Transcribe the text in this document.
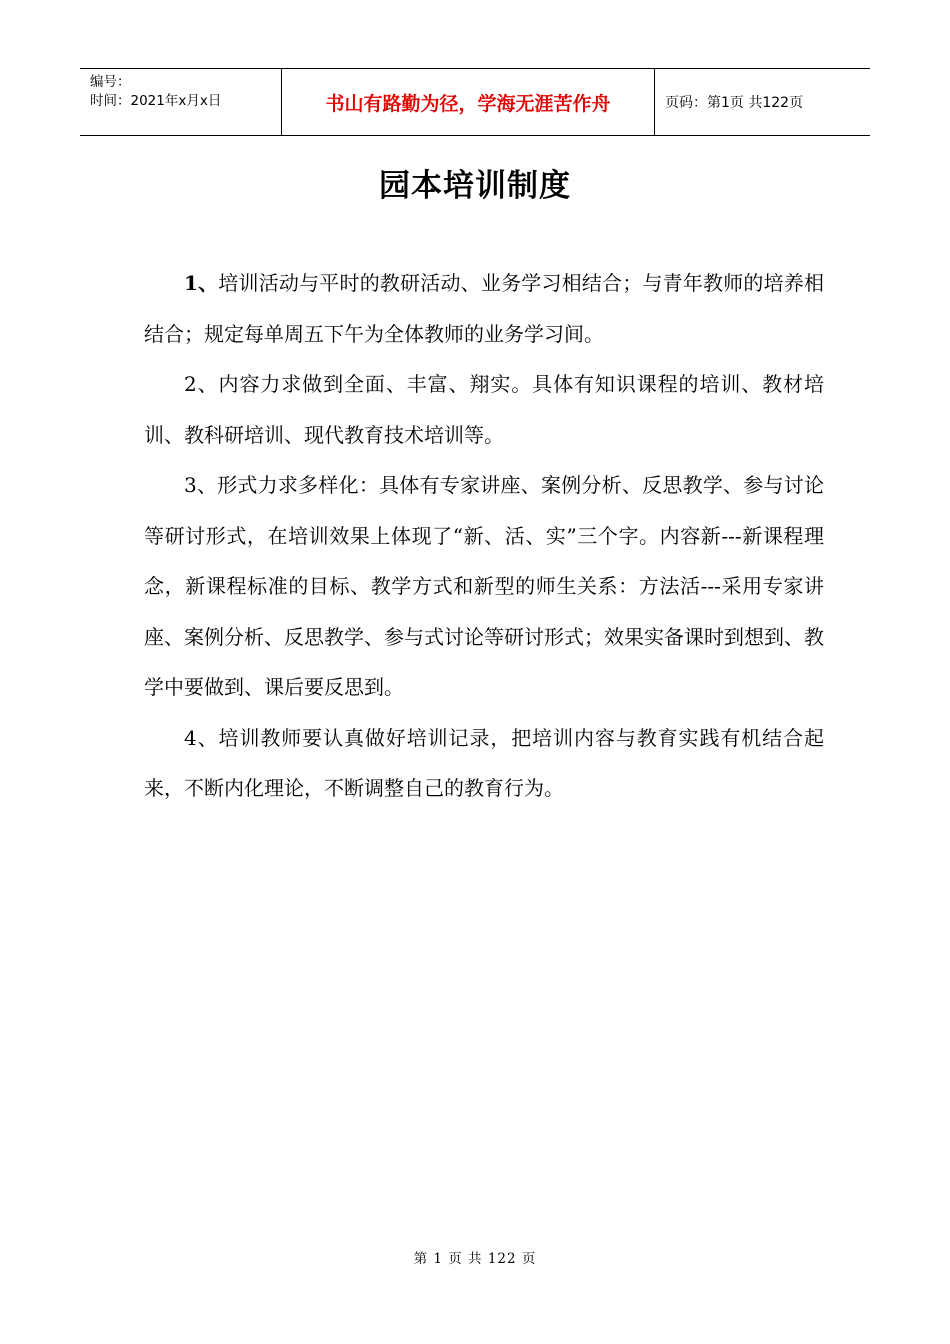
编号：
时间：2021年x月x日	书山有路勤为径，学海无涯苦作舟	页码：第1页 共122页
园本培训制度

1、培训活动与平时的教研活动、业务学习相结合；与青年教师的培养相结合；规定每单周五下午为全体教师的业务学习间。

2、内容力求做到全面、丰富、翔实。具体有知识课程的培训、教材培训、教科研培训、现代教育技术培训等。

3、形式力求多样化：具体有专家讲座、案例分析、反思教学、参与讨论等研讨形式，在培训效果上体现了“新、活、实”三个字。内容新---新课程理念，新课程标准的目标、教学方式和新型的师生关系：方法活---采用专家讲座、案例分析、反思教学、参与式讨论等研讨形式；效果实备课时到想到、教学中要做到、课后要反思到。

4、培训教师要认真做好培训记录，把培训内容与教育实践有机结合起来，不断内化理论，不断调整自己的教育行为。

第 1 页 共 122 页
